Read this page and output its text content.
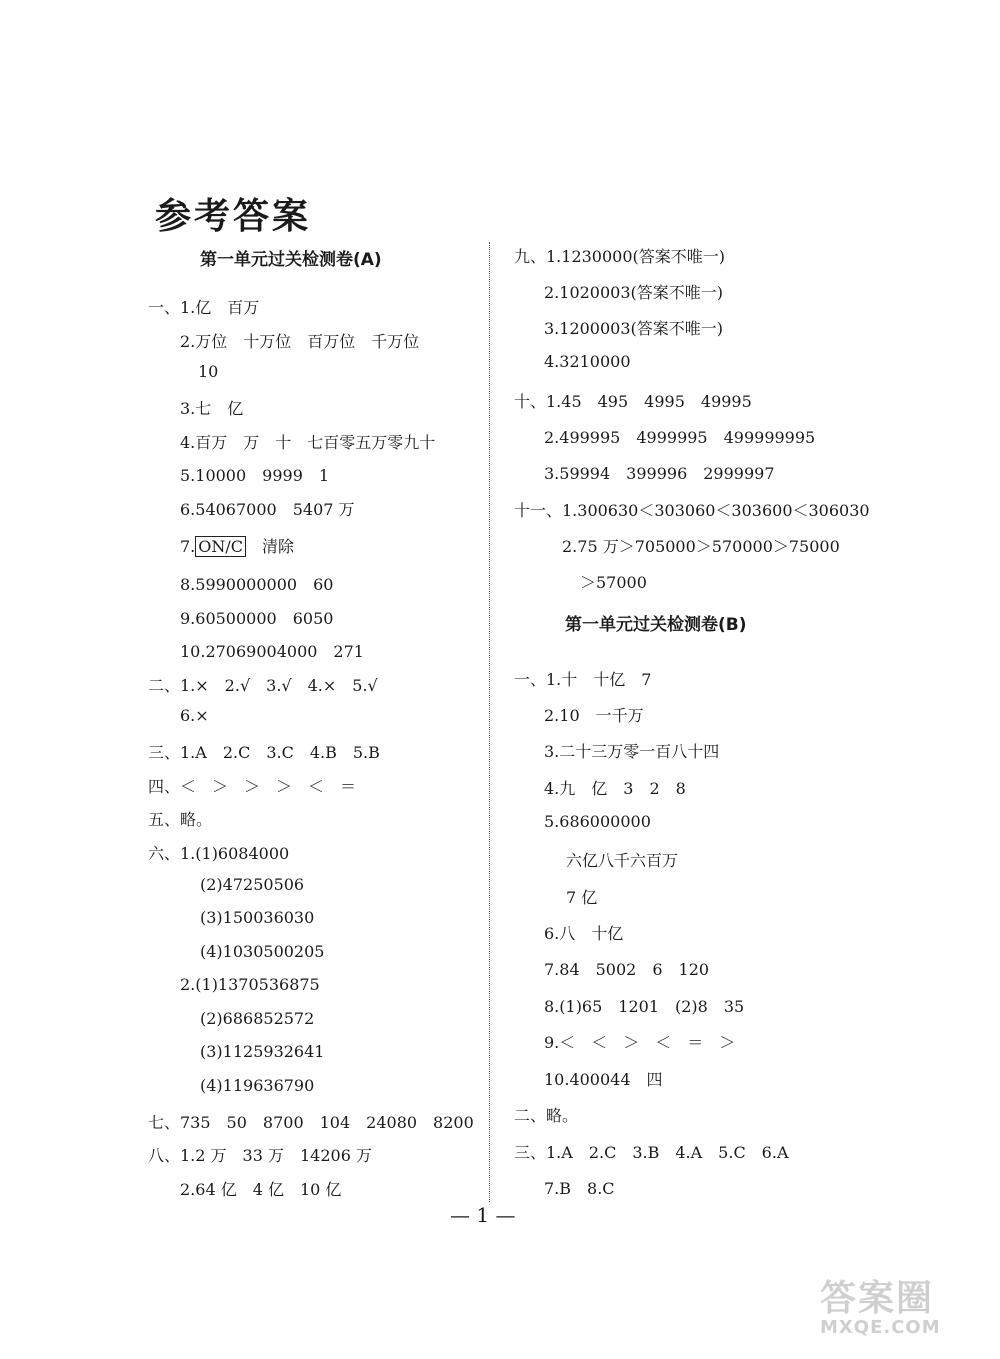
参考答案
第一单元过关检测卷(A)
一、1.亿　百万
2.万位　十万位　百万位　千万位
10
3.七　亿
4.百万　万　十　七百零五万零九十
5.10000　9999　1
6.54067000　5407 万
7. ON/C　 清除
8.5990000000　60
9.60500000　6050
10.27069004000　271
二、1.×　2.√　3.√　4.×　5.√
6.×
三、1.A　2.C　3.C　4.B　5.B
四、＜　＞　＞　＞　＜　＝
五、略。
六、1.(1)6084000
(2)47250506
(3)150036030
(4)1030500205
2.(1)1370536875
(2)686852572
(3)1125932641
(4)119636790
七、735　50　8700　104　24080　8200
八、1.2 万　33 万　14206 万
2.64 亿　4 亿　10 亿
九、1.1230000(答案不唯一)
2.1020003(答案不唯一)
3.1200003(答案不唯一)
4.3210000
十、1.45　495　4995　49995
2.499995　4999995　499999995
3.59994　399996　2999997
十一、1.300630＜303060＜303600＜306030
2.75 万＞705000＞570000＞75000
＞57000
第一单元过关检测卷(B)
一、1.十　十亿　7
2.10　一千万
3.二十三万零一百八十四
4.九　亿　3　2　8
5.686000000
六亿八千六百万
7 亿
6.八　十亿
7.84　5002　6　120
8.(1)65　1201　(2)8　35
9.＜　＜　＞　＜　＝　＞
10.400044　四
二、略。
三、1.A　2.C　3.B　4.A　5.C　6.A
7.B　8.C
— 1 —
答案圈
MXQE.COM
